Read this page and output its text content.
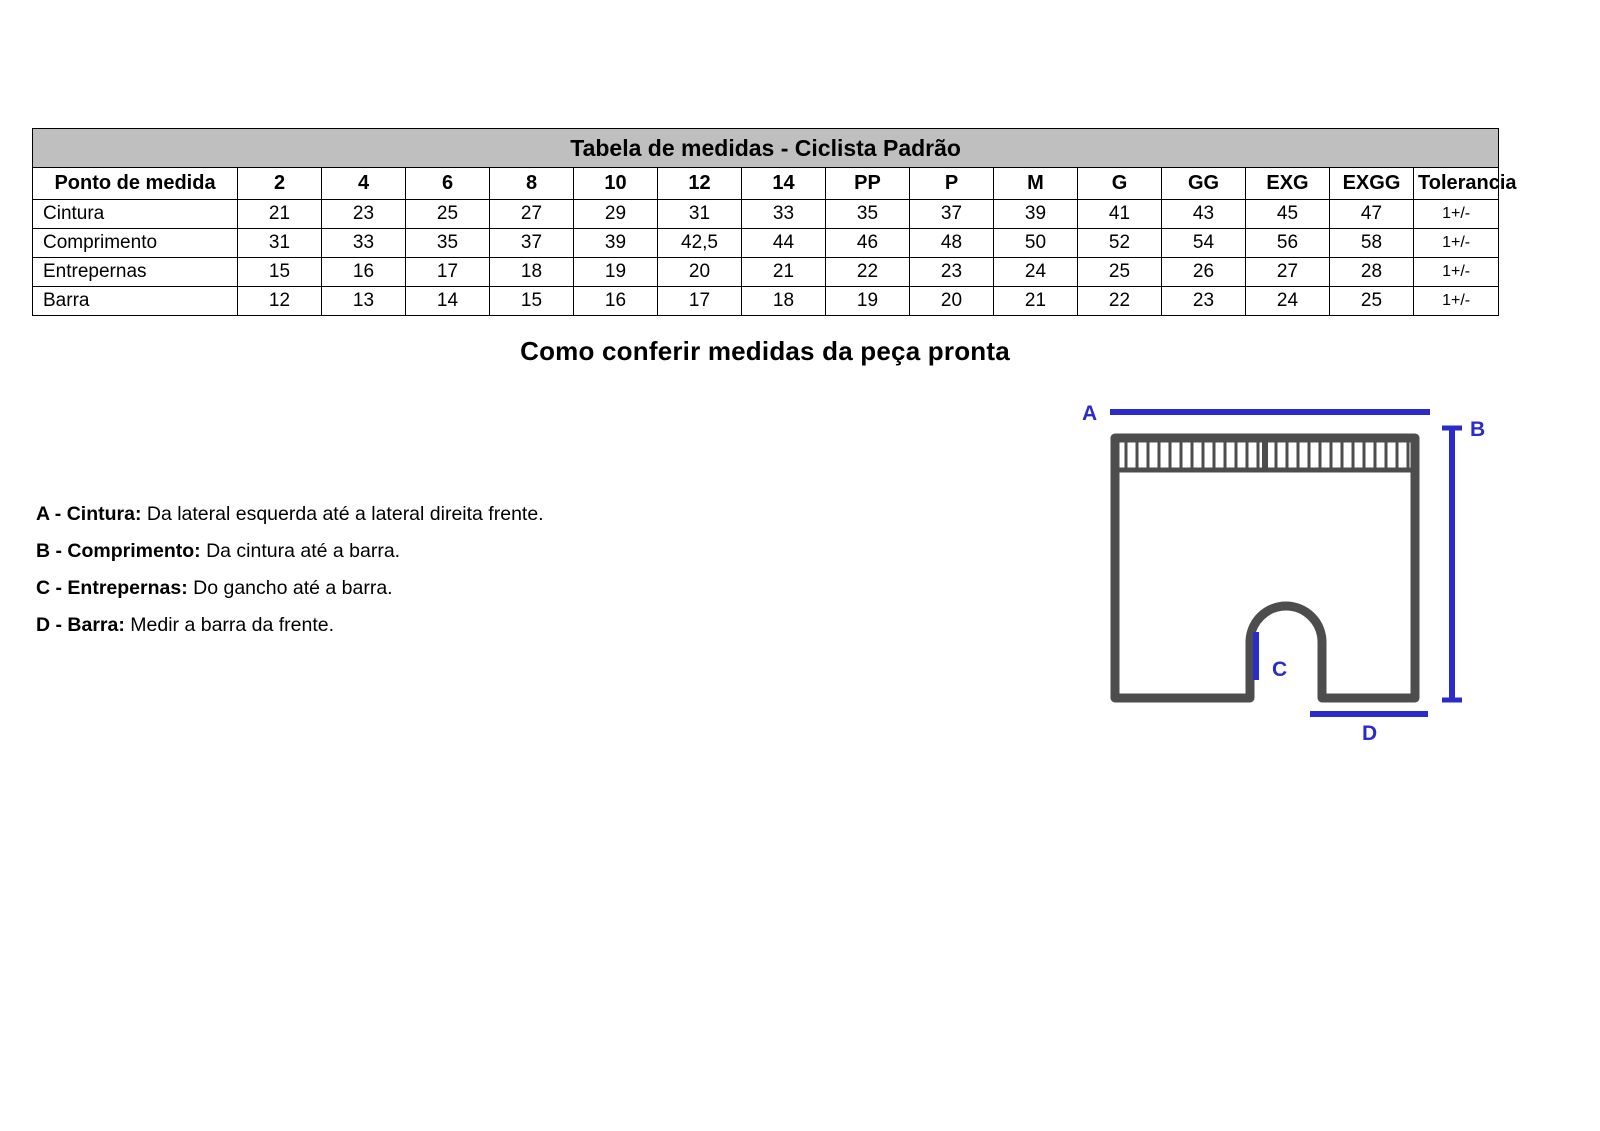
Tabela de medidas - Ciclista Padrão															
Ponto de medida	2	4	6	8	10	12	14	PP	P	M	G	GG	EXG	EXGG	Tolerancia
Cintura	21	23	25	27	29	31	33	35	37	39	41	43	45	47	1+/-
Comprimento	31	33	35	37	39	42,5	44	46	48	50	52	54	56	58	1+/-
Entrepernas	15	16	17	18	19	20	21	22	23	24	25	26	27	28	1+/-
Barra	12	13	14	15	16	17	18	19	20	21	22	23	24	25	1+/-
Como conferir medidas da peça pronta
A - Cintura: Da lateral esquerda até a lateral direita frente.
B - Comprimento: Da cintura até a barra.
C - Entrepernas: Do gancho até a barra.
D - Barra: Medir a barra da frente.
A
B
C
D
